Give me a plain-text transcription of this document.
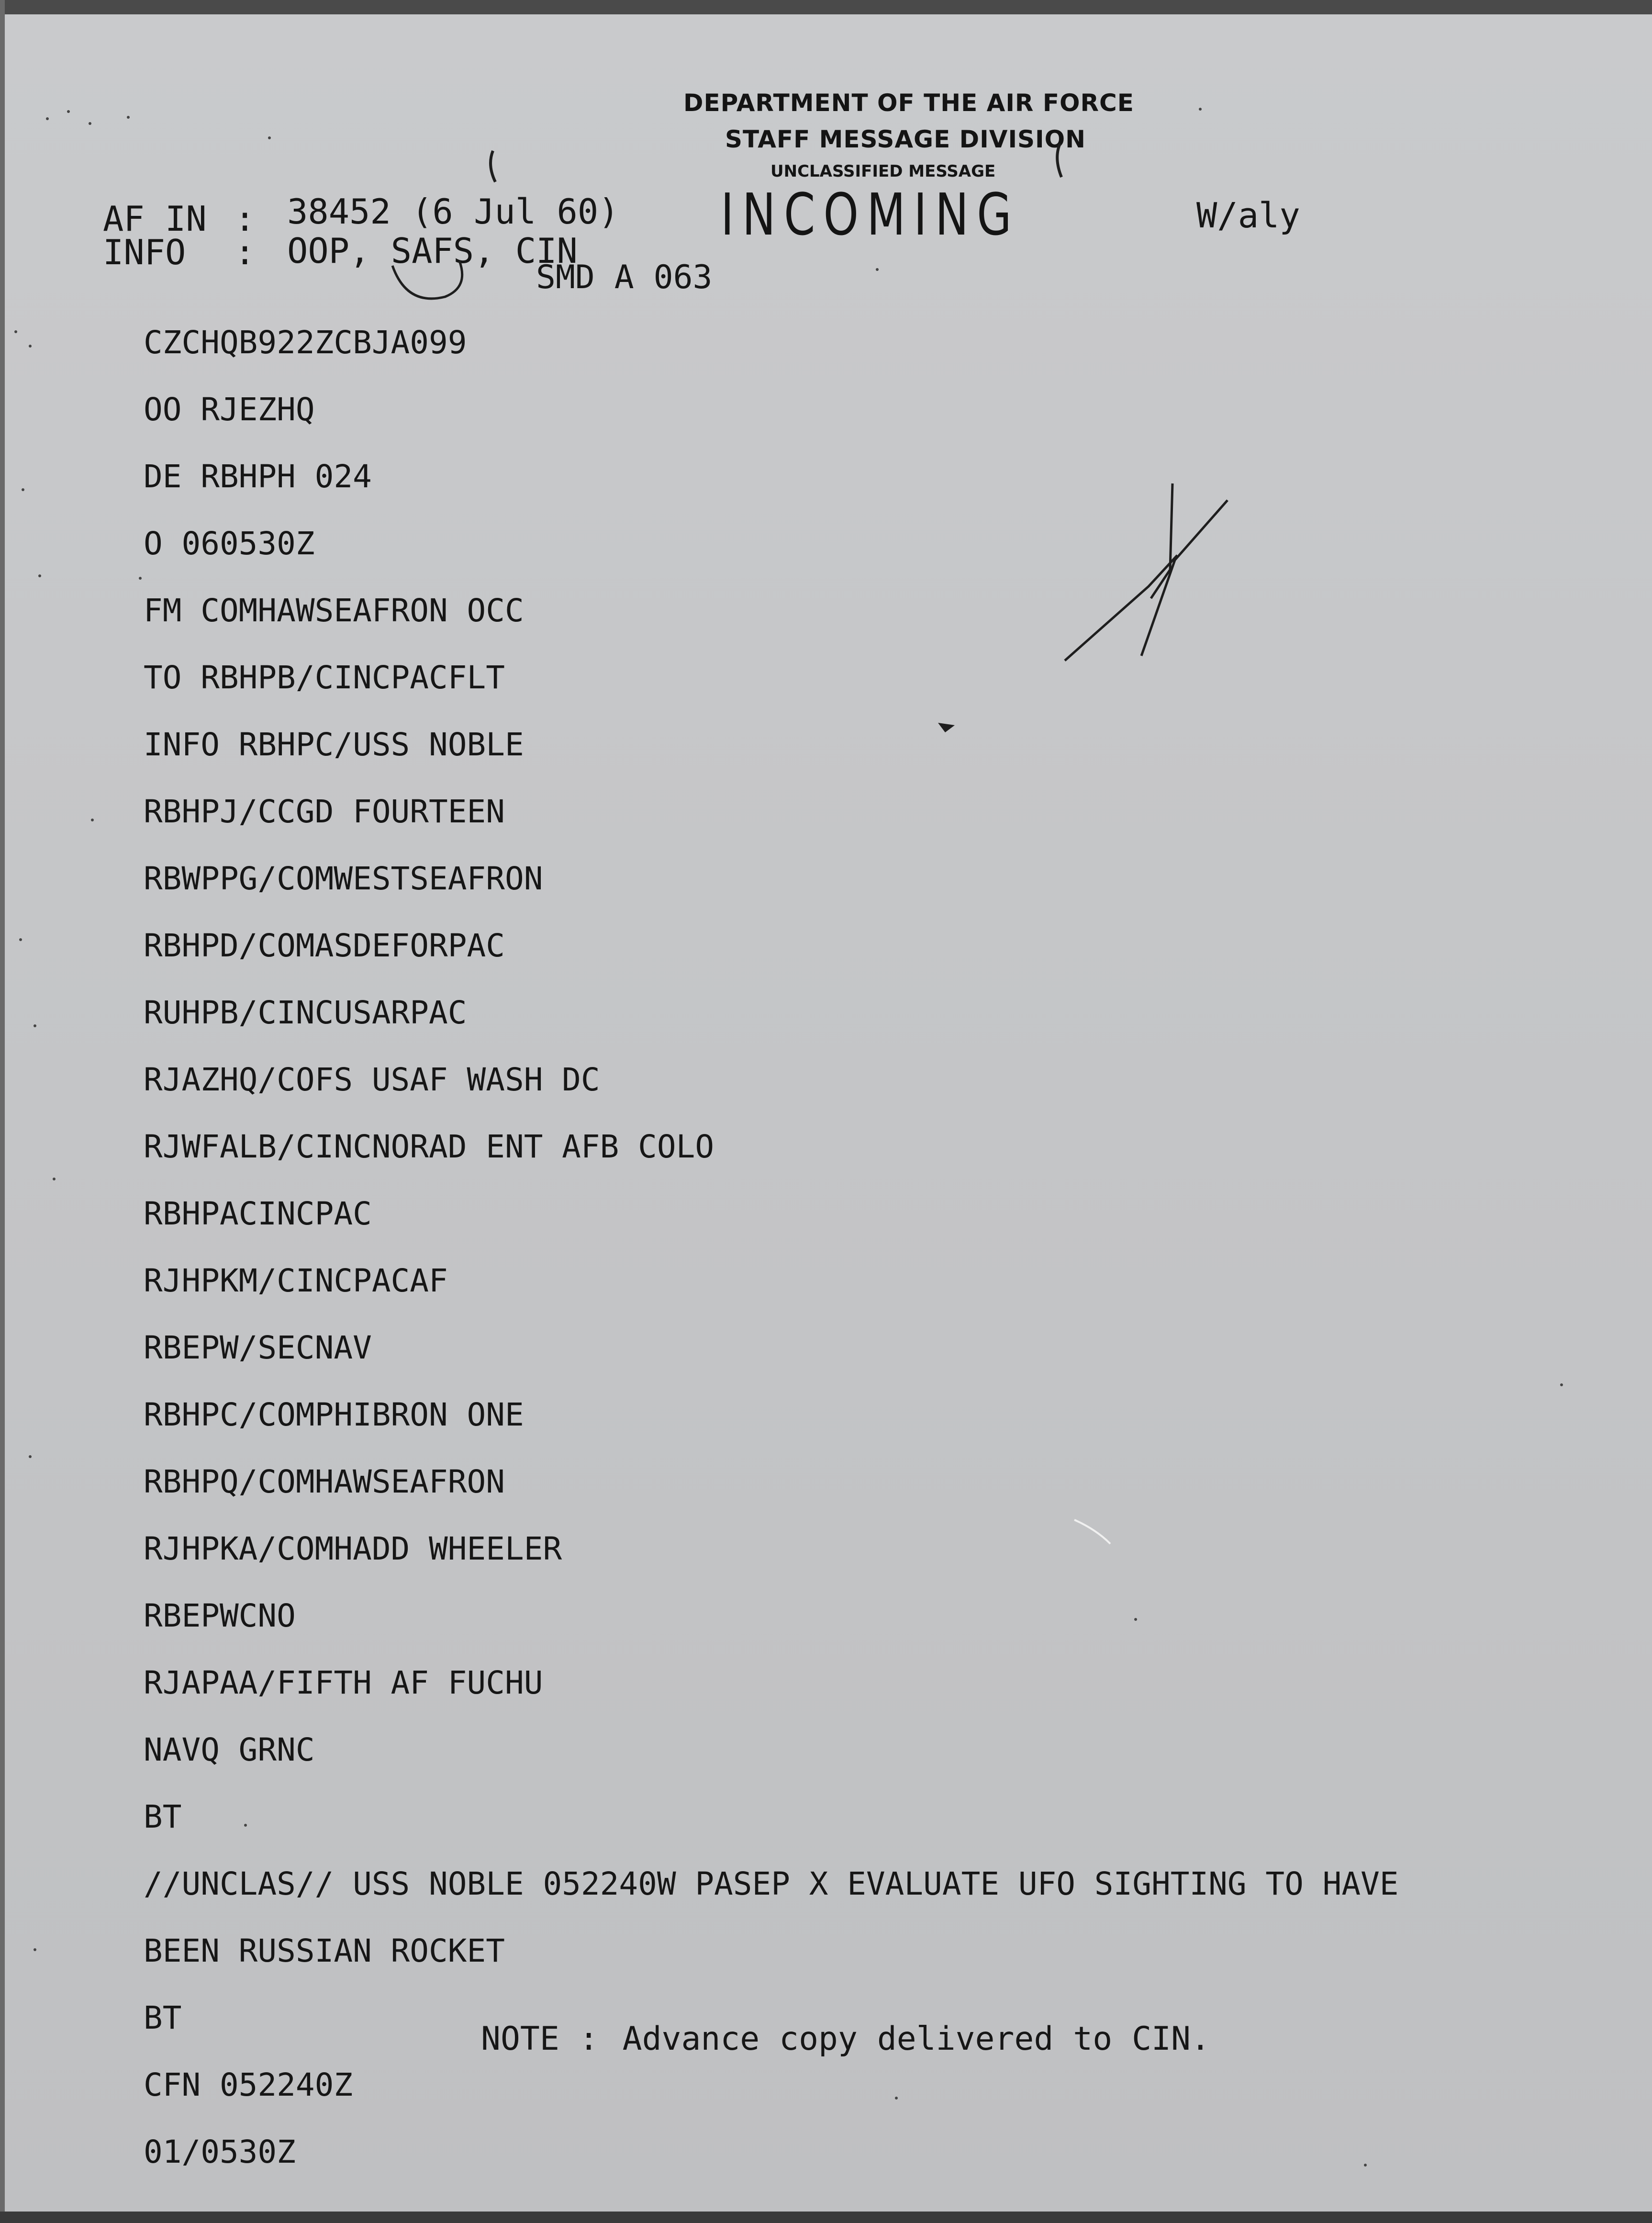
DEPARTMENT OF THE AIR FORCE
STAFF MESSAGE DIVISION
UNCLASSIFIED MESSAGE
INCOMING
AF IN : 38452 (6 Jul 60)
INFO : OOP, SAFS, CIN
SMD A 063
W/aly
CZCHQB922ZCBJA099
OO RJEZHQ
DE RBHPH 024
O 060530Z
FM COMHAWSEAFRON OCC
TO RBHPB/CINCPACFLT
INFO RBHPC/USS NOBLE
RBHPJ/CCGD FOURTEEN
RBWPPG/COMWESTSEAFRON
RBHPD/COMASDEFORPAC
RUHPB/CINCUSARPAC
RJAZHQ/COFS USAF WASH DC
RJWFALB/CINCNORAD ENT AFB COLO
RBHPACINCPAC
RJHPKM/CINCPACAF
RBEPW/SECNAV
RBHPC/COMPHIBRON ONE
RBHPQ/COMHAWSEAFRON
RJHPKA/COMHADD WHEELER
RBEPWCNO
RJAPAA/FIFTH AF FUCHU
NAVQ GRNC
BT
//UNCLAS// USS NOBLE 052240W PASEP X EVALUATE UFO SIGHTING TO HAVE
BEEN RUSSIAN ROCKET
BT
CFN 052240Z
01/0530Z
NOTE : Advance copy delivered to CIN.
